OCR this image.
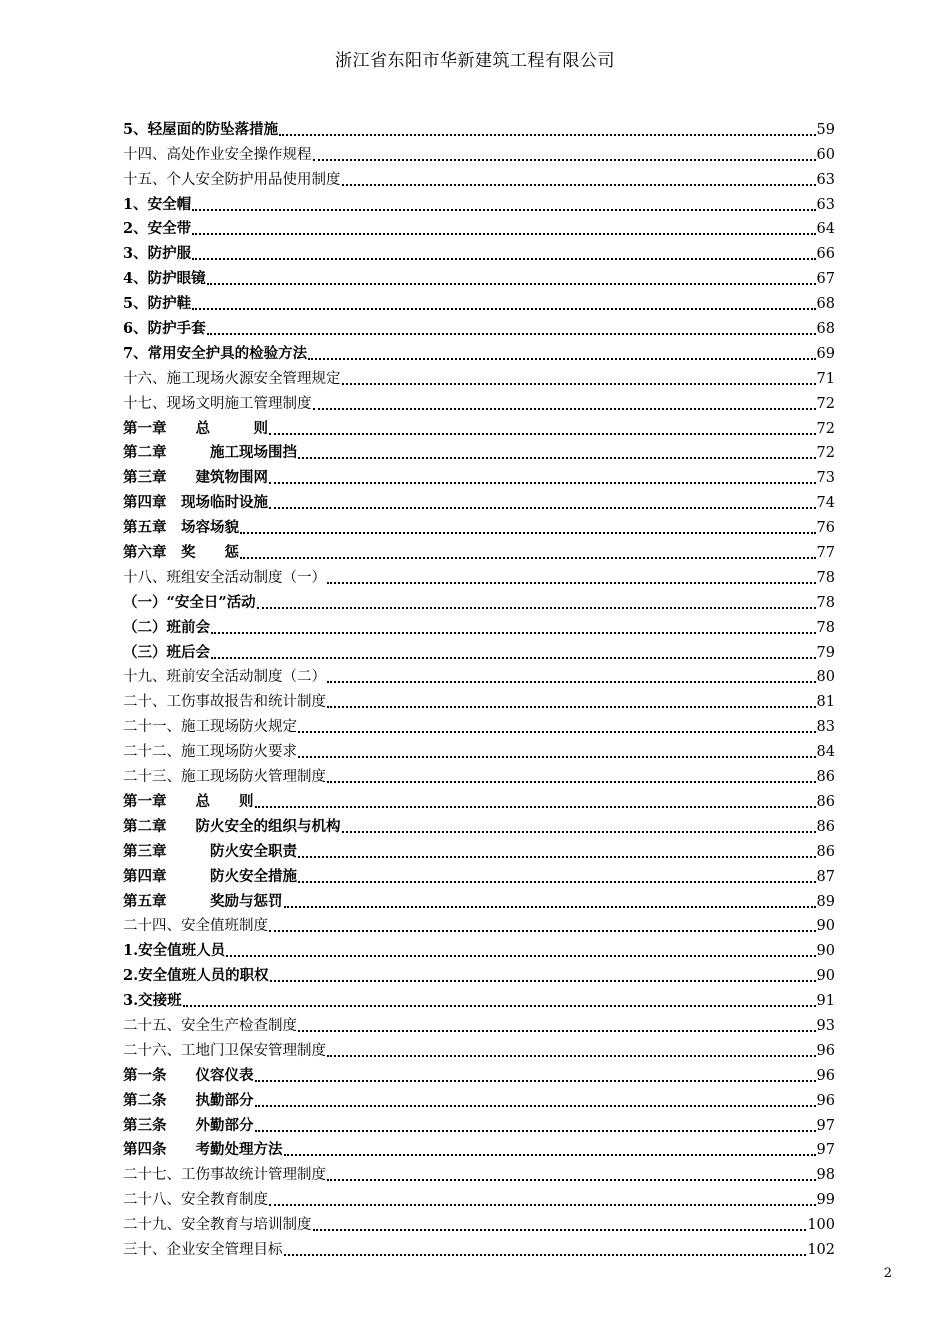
浙江省东阳市华新建筑工程有限公司
5、轻屋面的防坠落措施	59
十四、高处作业安全操作规程	60
十五、个人安全防护用品使用制度	63
1、安全帽	63
2、安全带	64
3、防护服	66
4、防护眼镜	67
5、防护鞋	68
6、防护手套	68
7、常用安全护具的检验方法	69
十六、施工现场火源安全管理规定	71
十七、现场文明施工管理制度	72
第一章　　总　　　则	72
第二章　　　施工现场围挡	72
第三章　　建筑物围网	73
第四章　现场临时设施	74
第五章　场容场貌	76
第六章　奖　　惩	77
十八、班组安全活动制度（一）	78
（一）“安全日”活动	78
（二）班前会	78
（三）班后会	79
十九、班前安全活动制度（二）	80
二十、工伤事故报告和统计制度	81
二十一、施工现场防火规定	83
二十二、施工现场防火要求	84
二十三、施工现场防火管理制度	86
第一章　　总　　则	86
第二章　　防火安全的组织与机构	86
第三章　　　防火安全职责	86
第四章　　　防火安全措施	87
第五章　　　奖励与惩罚	89
二十四、安全值班制度	90
1.安全值班人员	90
2.安全值班人员的职权	90
3.交接班	91
二十五、安全生产检查制度	93
二十六、工地门卫保安管理制度	96
第一条　　仪容仪表	96
第二条　　执勤部分	96
第三条　　外勤部分	97
第四条　　考勤处理方法	97
二十七、工伤事故统计管理制度	98
二十八、安全教育制度	99
二十九、安全教育与培训制度	100
三十、企业安全管理目标	102
2
